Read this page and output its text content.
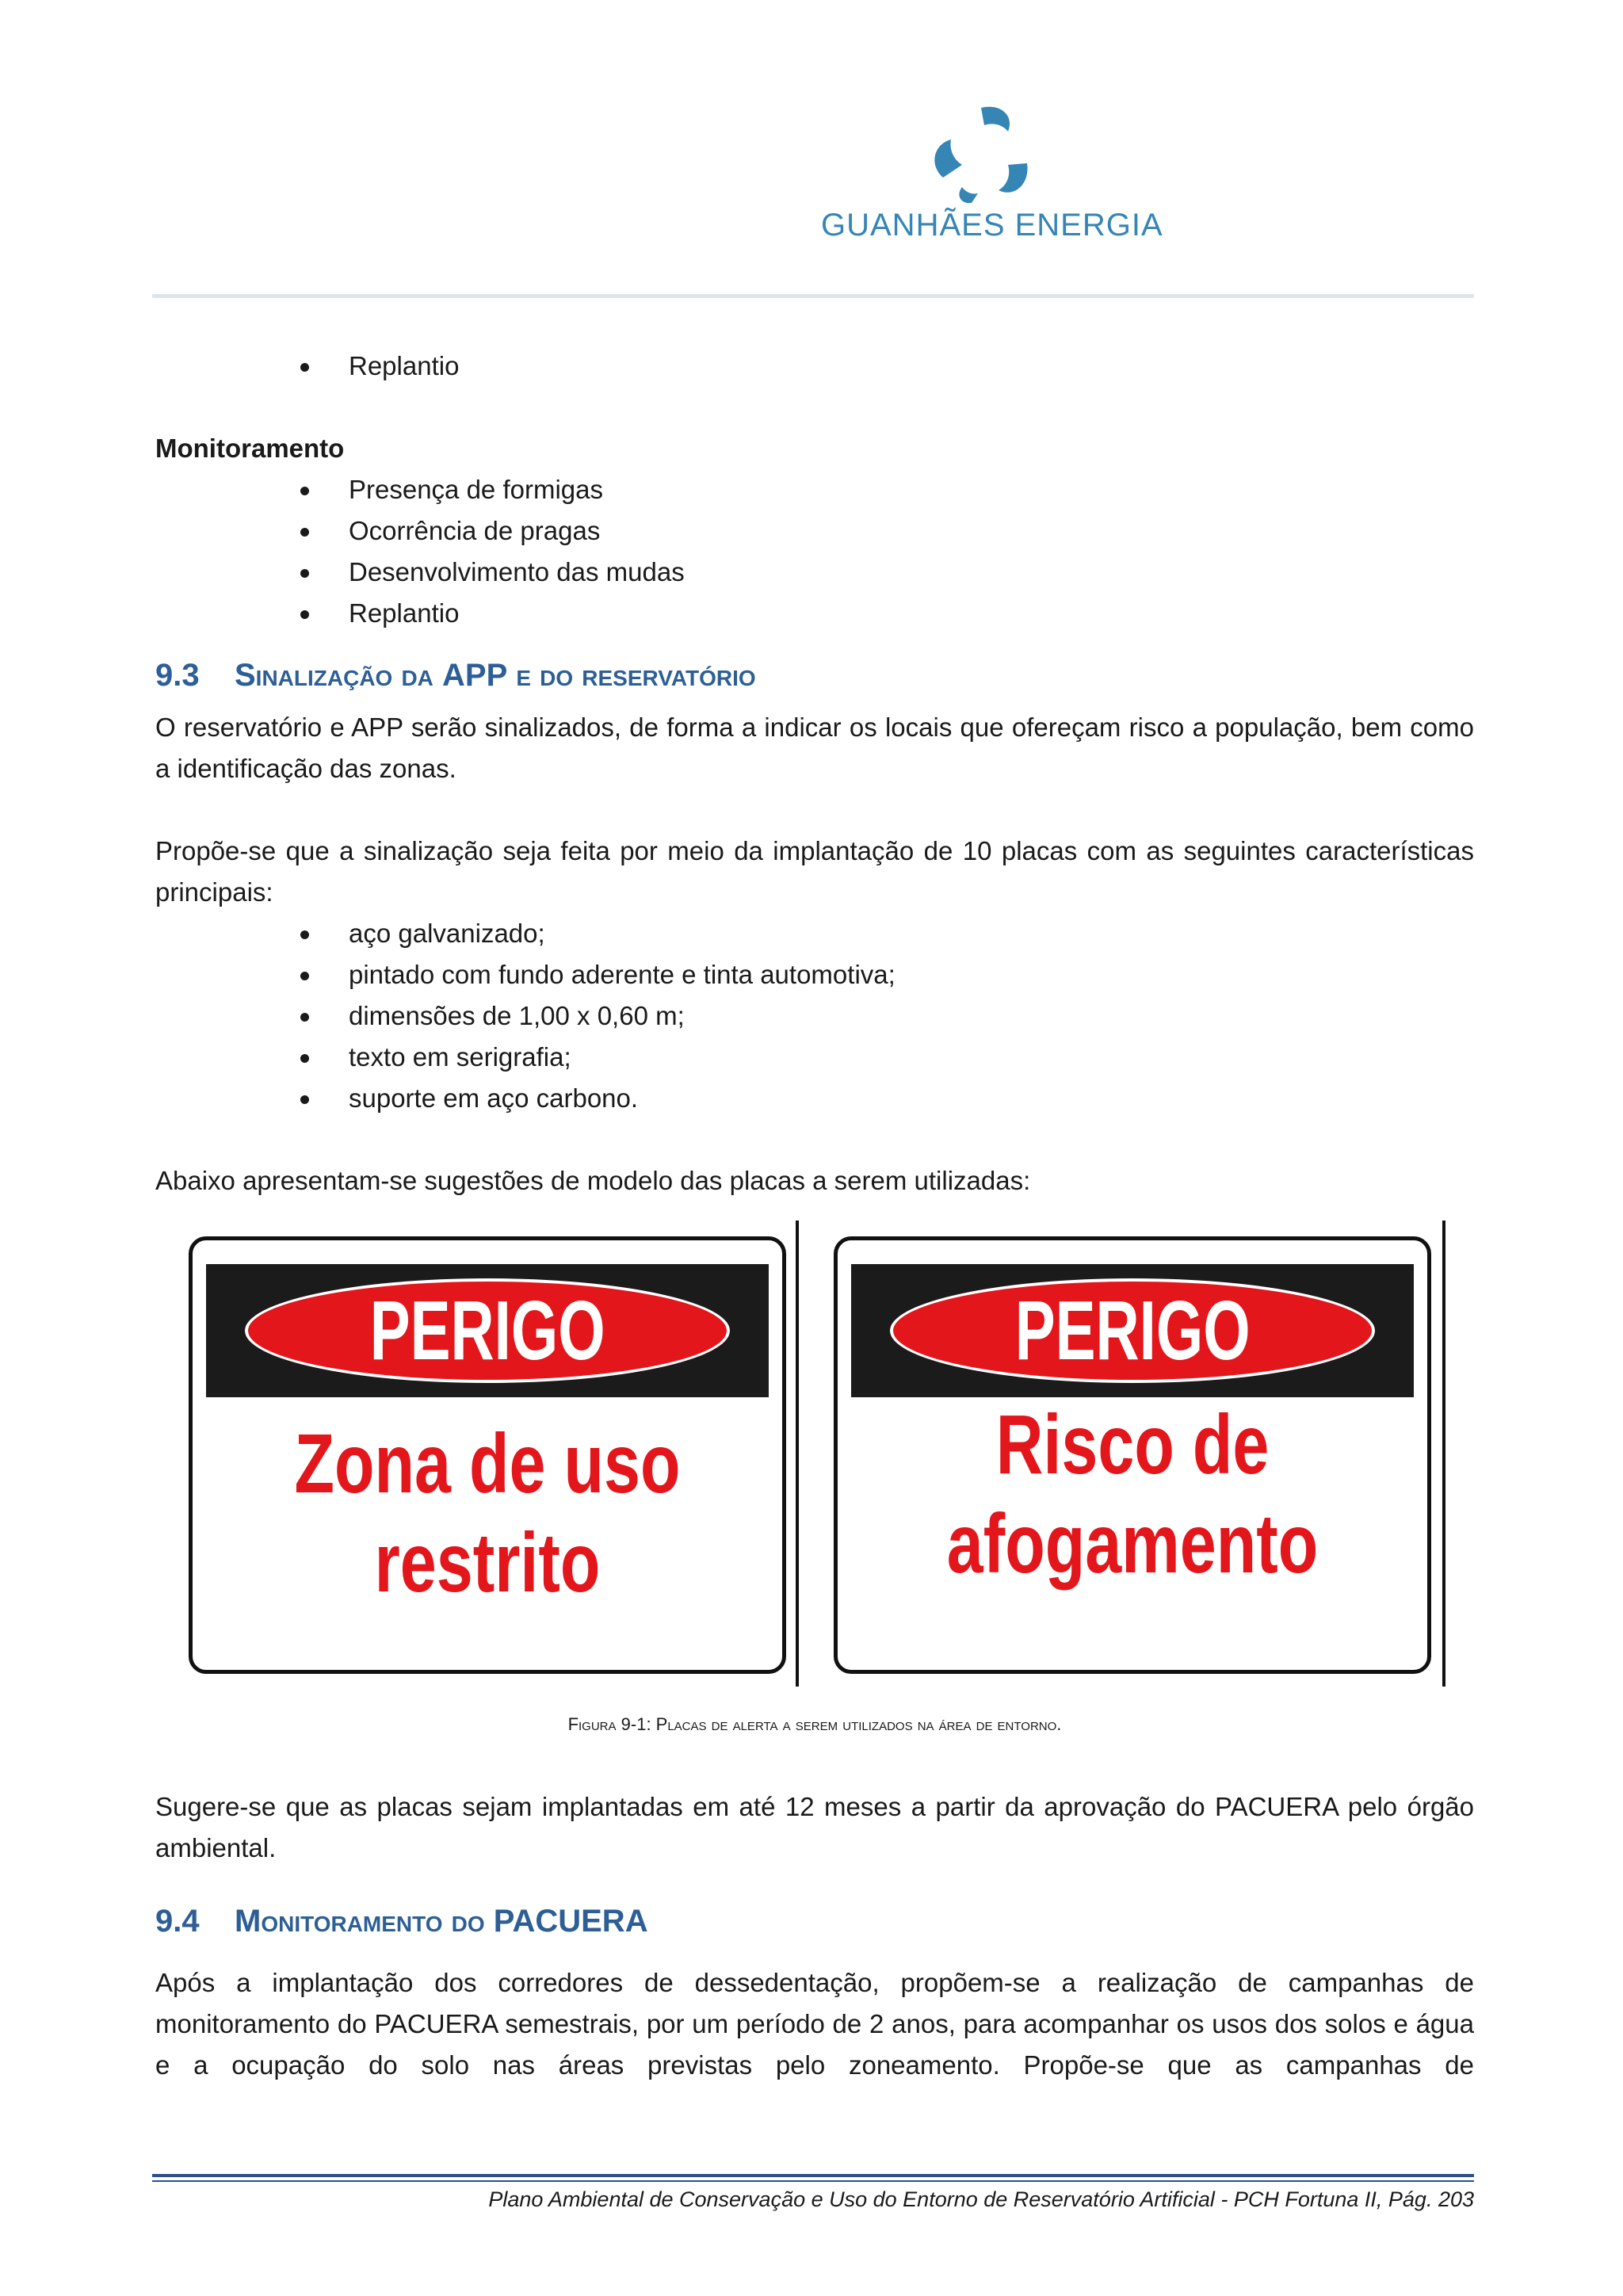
GUANHÃES ENERGIA
Replantio

Monitoramento

Presença de formigas
Ocorrência de pragas
Desenvolvimento das mudas
Replantio
9.3 Sinalização da APP e do reservatório

O reservatório e APP serão sinalizados, de forma a indicar os locais que ofereçam risco a população, bem como a identificação das zonas.

Propõe-se que a sinalização seja feita por meio da implantação de 10 placas com as seguintes características principais:

aço galvanizado;
pintado com fundo aderente e tinta automotiva;
dimensões de 1,00 x 0,60 m;
texto em serigrafia;
suporte em aço carbono.

Abaixo apresentam-se sugestões de modelo das placas a serem utilizadas:

PERIGO
Zona de uso
restrito
PERIGO
Risco de
afogamento

Figura 9-1: Placas de alerta a serem utilizados na área de entorno.

Sugere-se que as placas sejam implantadas em até 12 meses a partir da aprovação do PACUERA pelo órgão ambiental.

9.4 Monitoramento do PACUERA

Após a implantação dos corredores de dessedentação, propõem-se a realização de campanhas de monitoramento do PACUERA semestrais, por um período de 2 anos, para acompanhar os usos dos solos e água e a ocupação do solo nas áreas previstas pelo zoneamento. Propõe-se que as campanhas de

Plano Ambiental de Conservação e Uso do Entorno de Reservatório Artificial - PCH Fortuna II, Pág. 203
